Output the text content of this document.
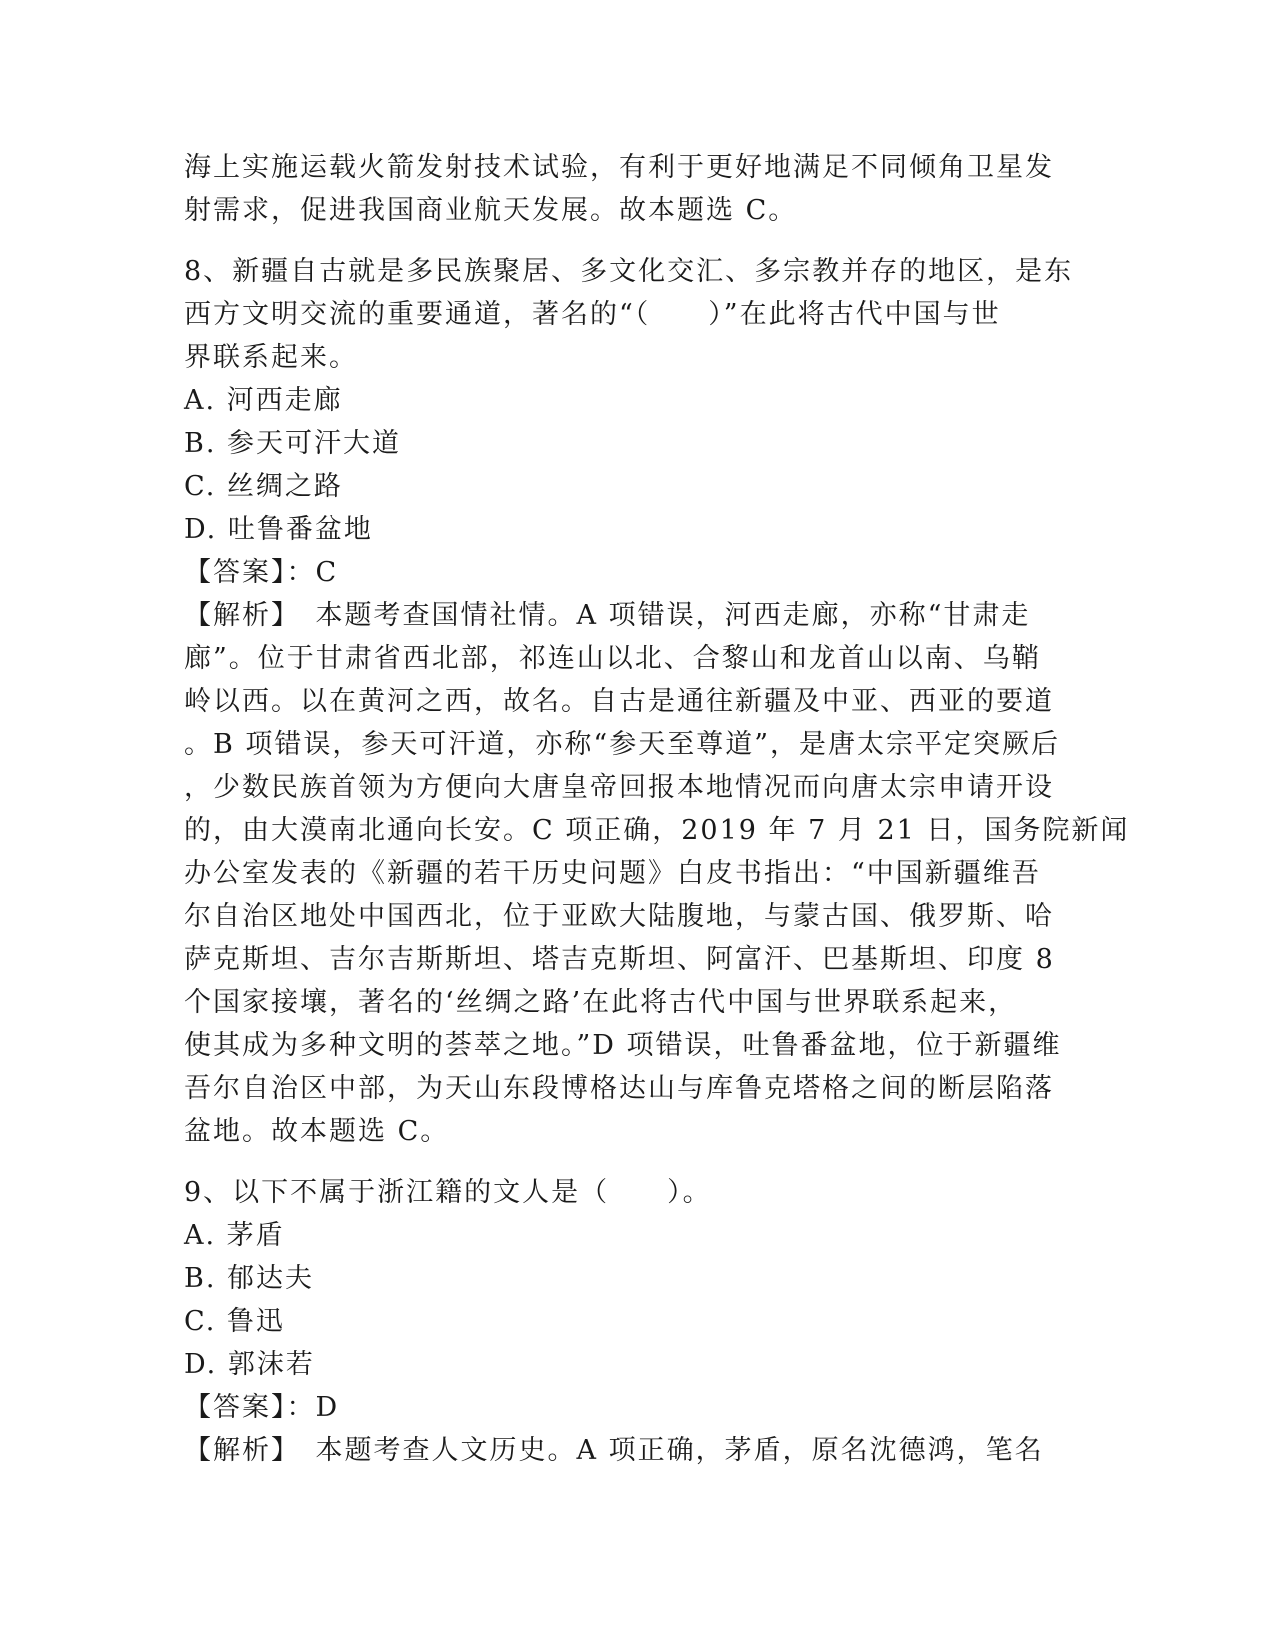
海上实施运载火箭发射技术试验，有利于更好地满足不同倾角卫星发
射需求，促进我国商业航天发展。故本题选 C。
8、新疆自古就是多民族聚居、多文化交汇、多宗教并存的地区，是东
西方文明交流的重要通道，著名的“（　　）”在此将古代中国与世
界联系起来。
A. 河西走廊
B. 参天可汗大道
C. 丝绸之路
D. 吐鲁番盆地
【答案】：C
【解析】　本题考查国情社情。A 项错误，河西走廊，亦称“甘肃走
廊”。位于甘肃省西北部，祁连山以北、合黎山和龙首山以南、乌鞘
岭以西。以在黄河之西，故名。自古是通往新疆及中亚、西亚的要道
。B 项错误，参天可汗道，亦称“参天至尊道”，是唐太宗平定突厥后
，少数民族首领为方便向大唐皇帝回报本地情况而向唐太宗申请开设
的，由大漠南北通向长安。C 项正确，2019 年 7 月 21 日，国务院新闻
办公室发表的《新疆的若干历史问题》白皮书指出：“中国新疆维吾
尔自治区地处中国西北，位于亚欧大陆腹地，与蒙古国、俄罗斯、哈
萨克斯坦、吉尔吉斯斯坦、塔吉克斯坦、阿富汗、巴基斯坦、印度 8
个国家接壤，著名的‘丝绸之路’在此将古代中国与世界联系起来，
使其成为多种文明的荟萃之地。”D 项错误，吐鲁番盆地，位于新疆维
吾尔自治区中部，为天山东段博格达山与库鲁克塔格之间的断层陷落
盆地。故本题选 C。
9、以下不属于浙江籍的文人是（　　）。
A. 茅盾
B. 郁达夫
C. 鲁迅
D. 郭沫若
【答案】：D
【解析】　本题考查人文历史。A 项正确，茅盾，原名沈德鸿，笔名
